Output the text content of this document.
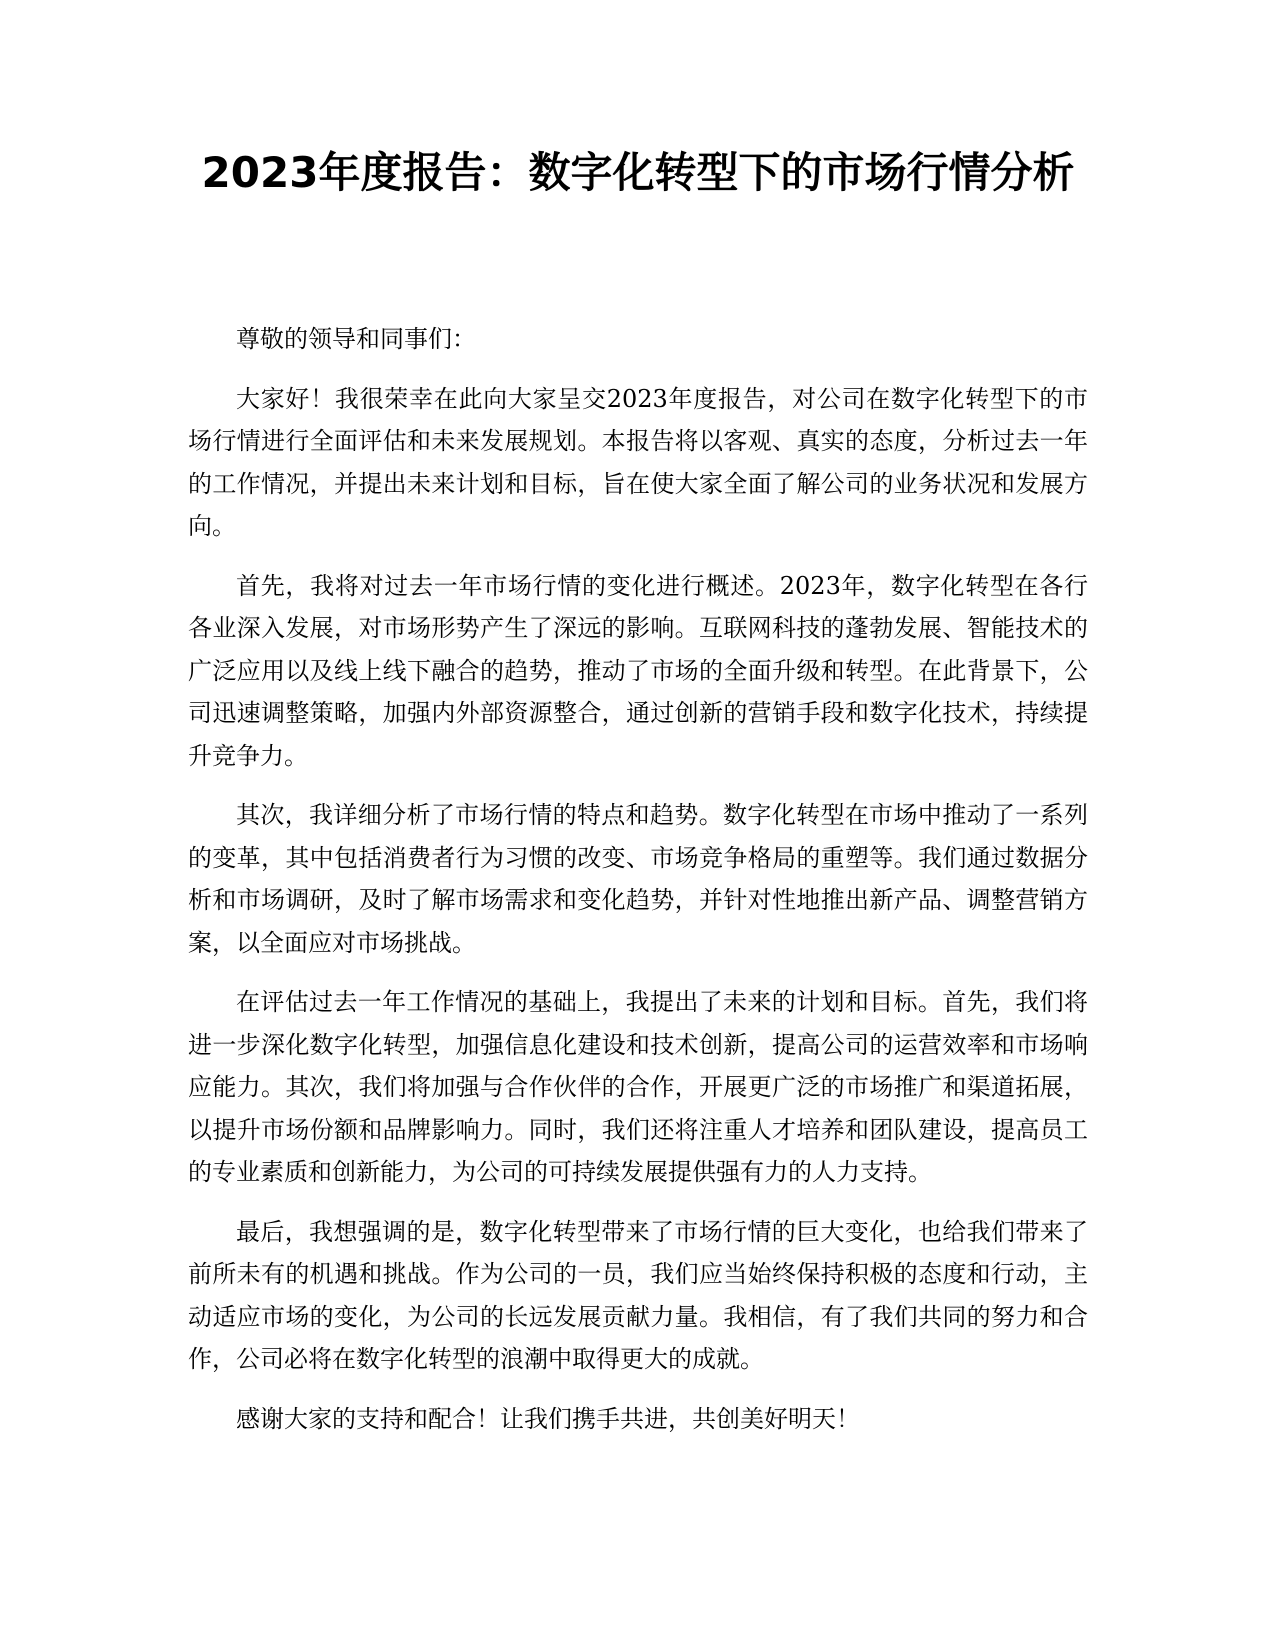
2023年度报告：数字化转型下的市场行情分析

尊敬的领导和同事们：

大家好！我很荣幸在此向大家呈交2023年度报告，对公司在数字化转型下的市场行情进行全面评估和未来发展规划。本报告将以客观、真实的态度，分析过去一年的工作情况，并提出未来计划和目标，旨在使大家全面了解公司的业务状况和发展方向。

首先，我将对过去一年市场行情的变化进行概述。2023年，数字化转型在各行各业深入发展，对市场形势产生了深远的影响。互联网科技的蓬勃发展、智能技术的广泛应用以及线上线下融合的趋势，推动了市场的全面升级和转型。在此背景下，公司迅速调整策略，加强内外部资源整合，通过创新的营销手段和数字化技术，持续提升竞争力。

其次，我详细分析了市场行情的特点和趋势。数字化转型在市场中推动了一系列的变革，其中包括消费者行为习惯的改变、市场竞争格局的重塑等。我们通过数据分析和市场调研，及时了解市场需求和变化趋势，并针对性地推出新产品、调整营销方案，以全面应对市场挑战。

在评估过去一年工作情况的基础上，我提出了未来的计划和目标。首先，我们将进一步深化数字化转型，加强信息化建设和技术创新，提高公司的运营效率和市场响应能力。其次，我们将加强与合作伙伴的合作，开展更广泛的市场推广和渠道拓展，以提升市场份额和品牌影响力。同时，我们还将注重人才培养和团队建设，提高员工的专业素质和创新能力，为公司的可持续发展提供强有力的人力支持。

最后，我想强调的是，数字化转型带来了市场行情的巨大变化，也给我们带来了前所未有的机遇和挑战。作为公司的一员，我们应当始终保持积极的态度和行动，主动适应市场的变化，为公司的长远发展贡献力量。我相信，有了我们共同的努力和合作，公司必将在数字化转型的浪潮中取得更大的成就。

感谢大家的支持和配合！让我们携手共进，共创美好明天！
